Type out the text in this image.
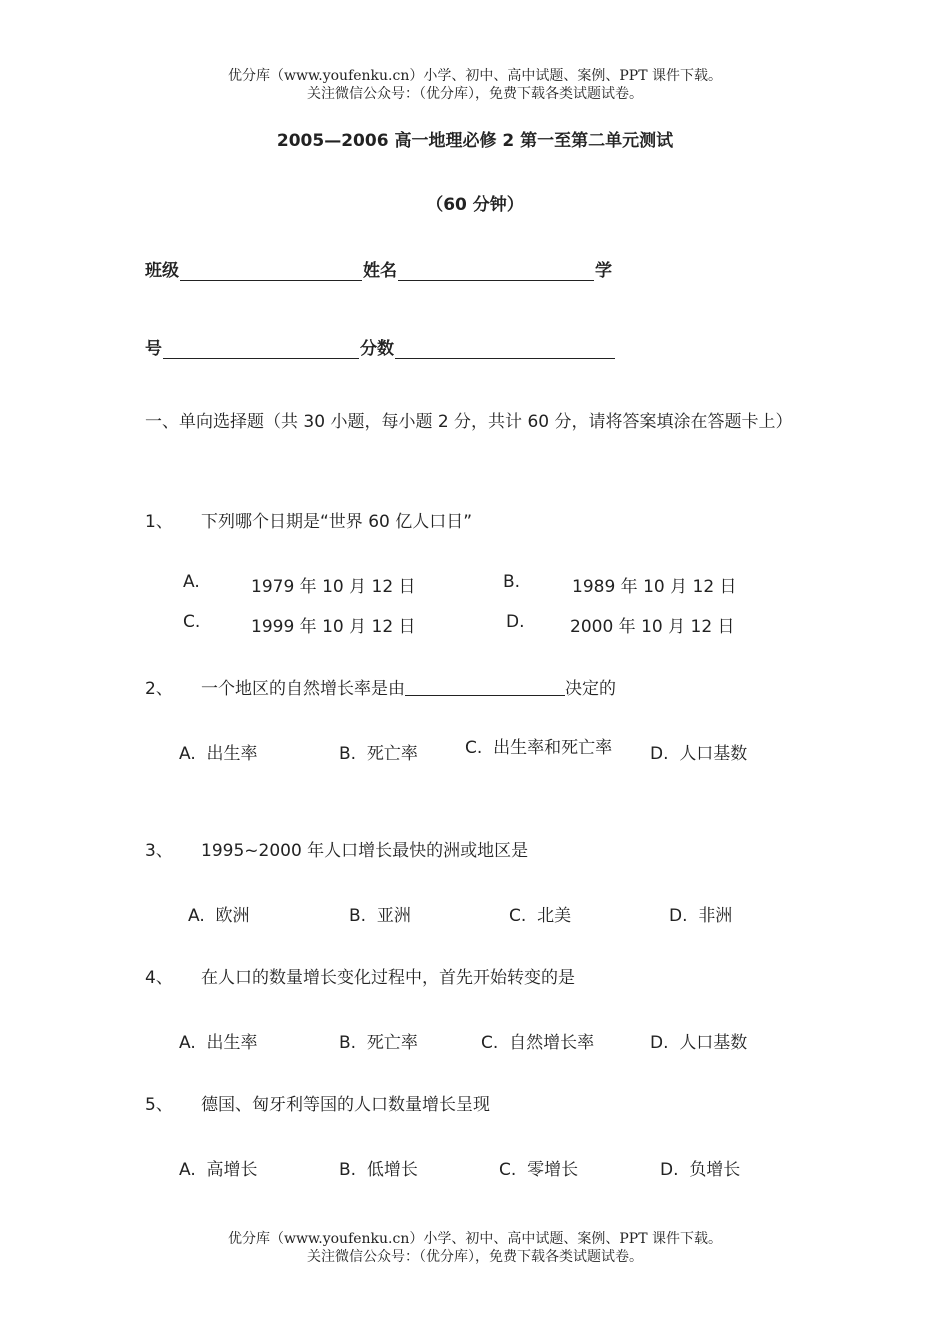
优分库（www.youfenku.cn）小学、初中、高中试题、案例、PPT 课件下载。
关注微信公众号：（优分库），免费下载各类试题试卷。
2005—2006 高一地理必修 2 第一至第二单元测试
（60 分钟）
班级	姓名	学
号	分数
一、单向选择题（共 30 小题，每小题 2 分，共计 60 分，请将答案填涂在答题卡上）
1、 下列哪个日期是“世界 60 亿人口日”
A.	1979 年 10 月 12 日	B.	1989 年 10 月 12 日
C.	1999 年 10 月 12 日	D.	2000 年 10 月 12 日
2、 一个地区的自然增长率是由	决定的
A. 出生率	B. 死亡率	C. 出生率和死亡率	D. 人口基数
3、 1995~2000 年人口增长最快的洲或地区是
A. 欧洲	B. 亚洲	C. 北美	D. 非洲
4、 在人口的数量增长变化过程中，首先开始转变的是
A. 出生率	B. 死亡率	C. 自然增长率	D. 人口基数
5、 德国、匈牙利等国的人口数量增长呈现
A. 高增长	B. 低增长	C. 零增长	D. 负增长
优分库（www.youfenku.cn）小学、初中、高中试题、案例、PPT 课件下载。
关注微信公众号：（优分库），免费下载各类试题试卷。
